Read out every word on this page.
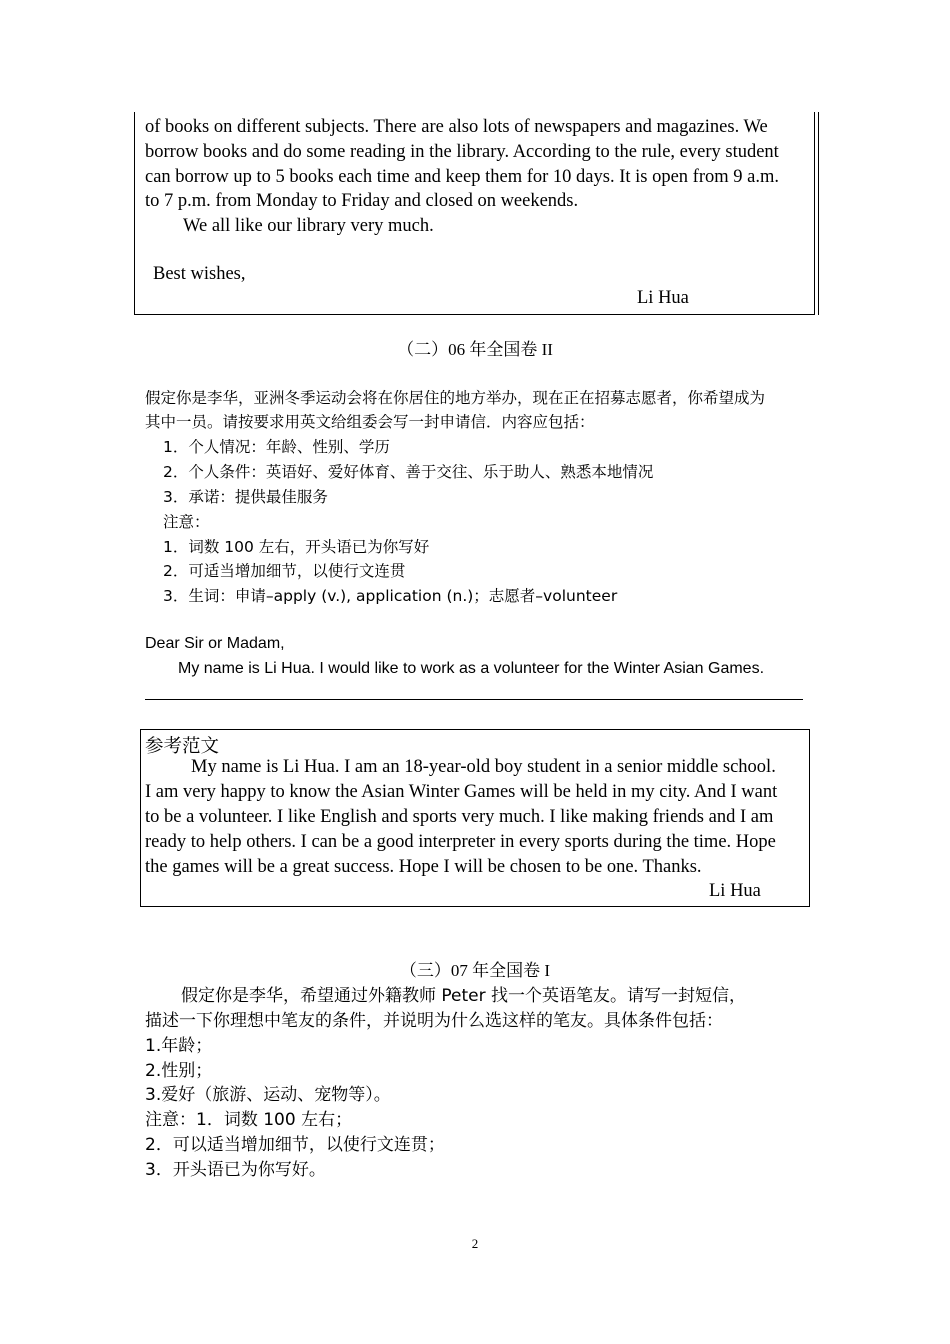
of books on different subjects. There are also lots of newspapers and magazines. We
borrow books and do some reading in the library. According to the rule, every student
can borrow up to 5 books each time and keep them for 10 days. It is open from 9 a.m.
to 7 p.m. from Monday to Friday and closed on weekends.
We all like our library very much.
Best wishes,
Li Hua
（二）06 年全国卷 II
假定你是李华，亚洲冬季运动会将在你居住的地方举办，现在正在招募志愿者，你希望成为
其中一员。请按要求用英文给组委会写一封申请信．内容应包括：
1．个人情况：年龄、性别、学历
2．个人条件：英语好、爱好体育、善于交往、乐于助人、熟悉本地情况
3．承诺：提供最佳服务
注意：
1．词数 100 左右，开头语已为你写好
2．可适当增加细节，以使行文连贯
3．生词：申请–apply (v.), application (n.)；志愿者–volunteer
Dear Sir or Madam,
My name is Li Hua. I would like to work as a volunteer for the Winter Asian Games.
参考范文
My name is Li Hua. I am an 18-year-old boy student in a senior middle school.
I am very happy to know the Asian Winter Games will be held in my city. And I want
to be a volunteer. I like English and sports very much. I like making friends and I am
ready to help others. I can be a good interpreter in every sports during the time. Hope
the games will be a great success. Hope I will be chosen to be one. Thanks.
Li Hua
（三）07 年全国卷 I
假定你是李华，希望通过外籍教师 Peter 找一个英语笔友。请写一封短信，
描述一下你理想中笔友的条件，并说明为什么选这样的笔友。具体条件包括：
1.年龄；
2.性别；
3.爱好（旅游、运动、宠物等）。
注意：1．词数 100 左右；
2．可以适当增加细节，以使行文连贯；
3．开头语已为你写好。
2
